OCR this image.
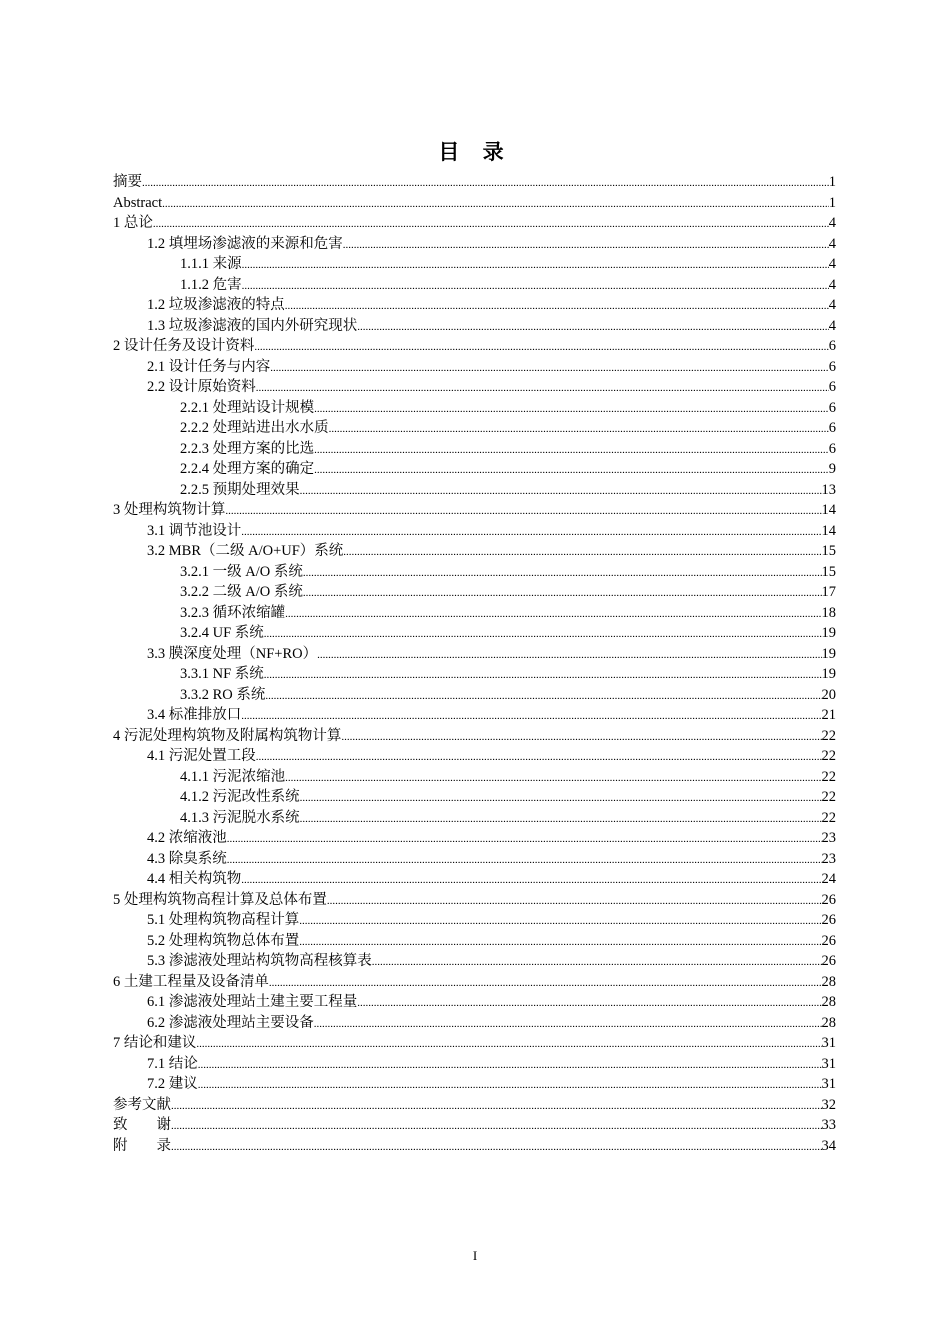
目 录
摘要 .....	1
Abstract .....	1
1 总论 .....	4
1.2 填埋场渗滤液的来源和危害 .....	4
1.1.1 来源 .....	4
1.1.2 危害 .....	4
1.2 垃圾渗滤液的特点 .....	4
1.3 垃圾渗滤液的国内外研究现状 .....	4
2 设计任务及设计资料 .....	6
2.1 设计任务与内容 .....	6
2.2 设计原始资料 .....	6
2.2.1 处理站设计规模 .....	6
2.2.2 处理站进出水水质 .....	6
2.2.3 处理方案的比选 .....	6
2.2.4 处理方案的确定 .....	9
2.2.5 预期处理效果 .....	13
3 处理构筑物计算 .....	14
3.1 调节池设计 .....	14
3.2 MBR（二级 A/O+UF）系统 .....	15
3.2.1 一级 A/O 系统 .....	15
3.2.2 二级 A/O 系统 .....	17
3.2.3 循环浓缩罐 .....	18
3.2.4 UF 系统 .....	19
3.3 膜深度处理（NF+RO） .....	19
3.3.1 NF 系统 .....	19
3.3.2 RO 系统 .....	20
3.4 标准排放口 .....	21
4 污泥处理构筑物及附属构筑物计算 .....	22
4.1 污泥处置工段 .....	22
4.1.1 污泥浓缩池 .....	22
4.1.2 污泥改性系统 .....	22
4.1.3 污泥脱水系统 .....	22
4.2 浓缩液池 .....	23
4.3 除臭系统 .....	23
4.4 相关构筑物 .....	24
5 处理构筑物高程计算及总体布置 .....	26
5.1 处理构筑物高程计算 .....	26
5.2 处理构筑物总体布置 .....	26
5.3 渗滤液处理站构筑物高程核算表 .....	26
6 土建工程量及设备清单 .....	28
6.1 渗滤液处理站土建主要工程量 .....	28
6.2 渗滤液处理站主要设备 .....	28
7 结论和建议 .....	31
7.1 结论 .....	31
7.2 建议 .....	31
参考文献 .....	32
致　　谢 .....	33
附　　录 .....	34
I
